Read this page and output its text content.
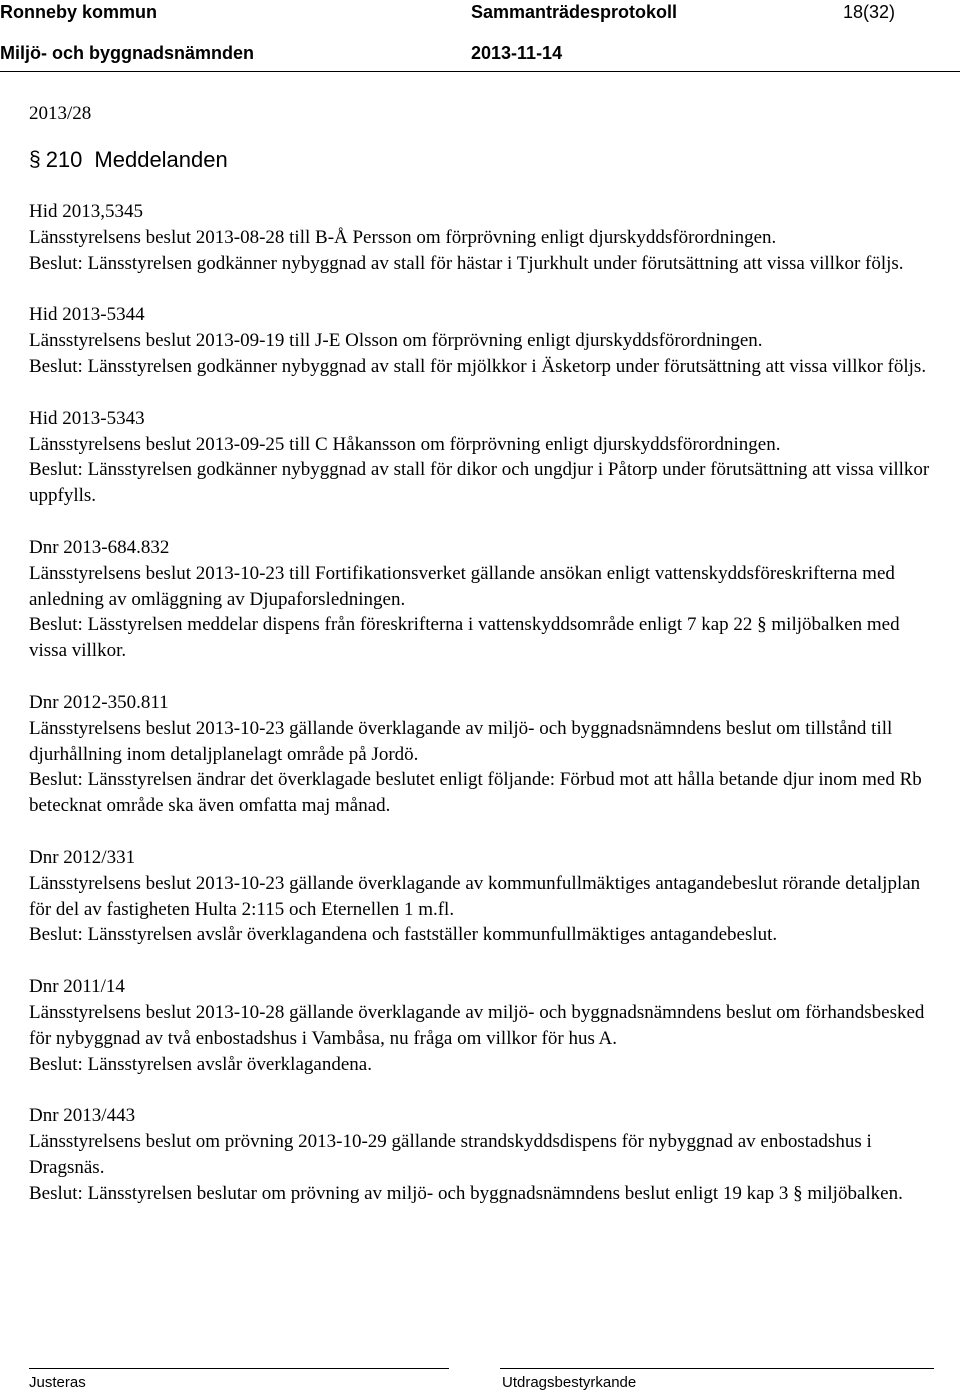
Ronneby kommun	Sammanträdesprotokoll	18(32)
Miljö- och byggnadsnämnden	2013-11-14

2013/28

§ 210 Meddelanden

Hid 2013,5345

Länsstyrelsens beslut 2013-08-28 till B-Å Persson om förprövning enligt djurskyddsförordningen.

Beslut: Länsstyrelsen godkänner nybyggnad av stall för hästar i Tjurkhult under förutsättning att vissa villkor följs.

Hid 2013-5344

Länsstyrelsens beslut 2013-09-19 till J-E Olsson om förprövning enligt djurskyddsförordningen.

Beslut: Länsstyrelsen godkänner nybyggnad av stall för mjölkkor i Äsketorp under förutsättning att vissa villkor följs.

Hid 2013-5343

Länsstyrelsens beslut 2013-09-25 till C Håkansson om förprövning enligt djurskyddsförordningen.

Beslut: Länsstyrelsen godkänner nybyggnad av stall för dikor och ungdjur i Påtorp under förutsättning att vissa villkor uppfylls.

Dnr 2013-684.832

Länsstyrelsens beslut 2013-10-23 till Fortifikationsverket gällande ansökan enligt vattenskyddsföreskrifterna med anledning av omläggning av Djupaforsledningen.

Beslut: Lässtyrelsen meddelar dispens från föreskrifterna i vattenskyddsområde enligt 7 kap 22 § miljöbalken med vissa villkor.

Dnr 2012-350.811

Länsstyrelsens beslut 2013-10-23 gällande överklagande av miljö- och byggnadsnämndens beslut om tillstånd till djurhållning inom detaljplanelagt område på Jordö.

Beslut: Länsstyrelsen ändrar det överklagade beslutet enligt följande: Förbud mot att hålla betande djur inom med Rb betecknat område ska även omfatta maj månad.

Dnr 2012/331

Länsstyrelsens beslut 2013-10-23 gällande överklagande av kommunfullmäktiges antagandebeslut rörande detaljplan för del av fastigheten Hulta 2:115 och Eternellen 1 m.fl.

Beslut: Länsstyrelsen avslår överklagandena och fastställer kommunfullmäktiges antagandebeslut.

Dnr 2011/14

Länsstyrelsens beslut 2013-10-28 gällande överklagande av miljö- och byggnadsnämndens beslut om förhandsbesked för nybyggnad av två enbostadshus i Vambåsa, nu fråga om villkor för hus A.

Beslut: Länsstyrelsen avslår överklagandena.

Dnr 2013/443

Länsstyrelsens beslut om prövning 2013-10-29 gällande strandskyddsdispens för nybyggnad av enbostadshus i Dragsnäs.

Beslut: Länsstyrelsen beslutar om prövning av miljö- och byggnadsnämndens beslut enligt 19 kap 3 § miljöbalken.

Justeras	Utdragsbestyrkande
